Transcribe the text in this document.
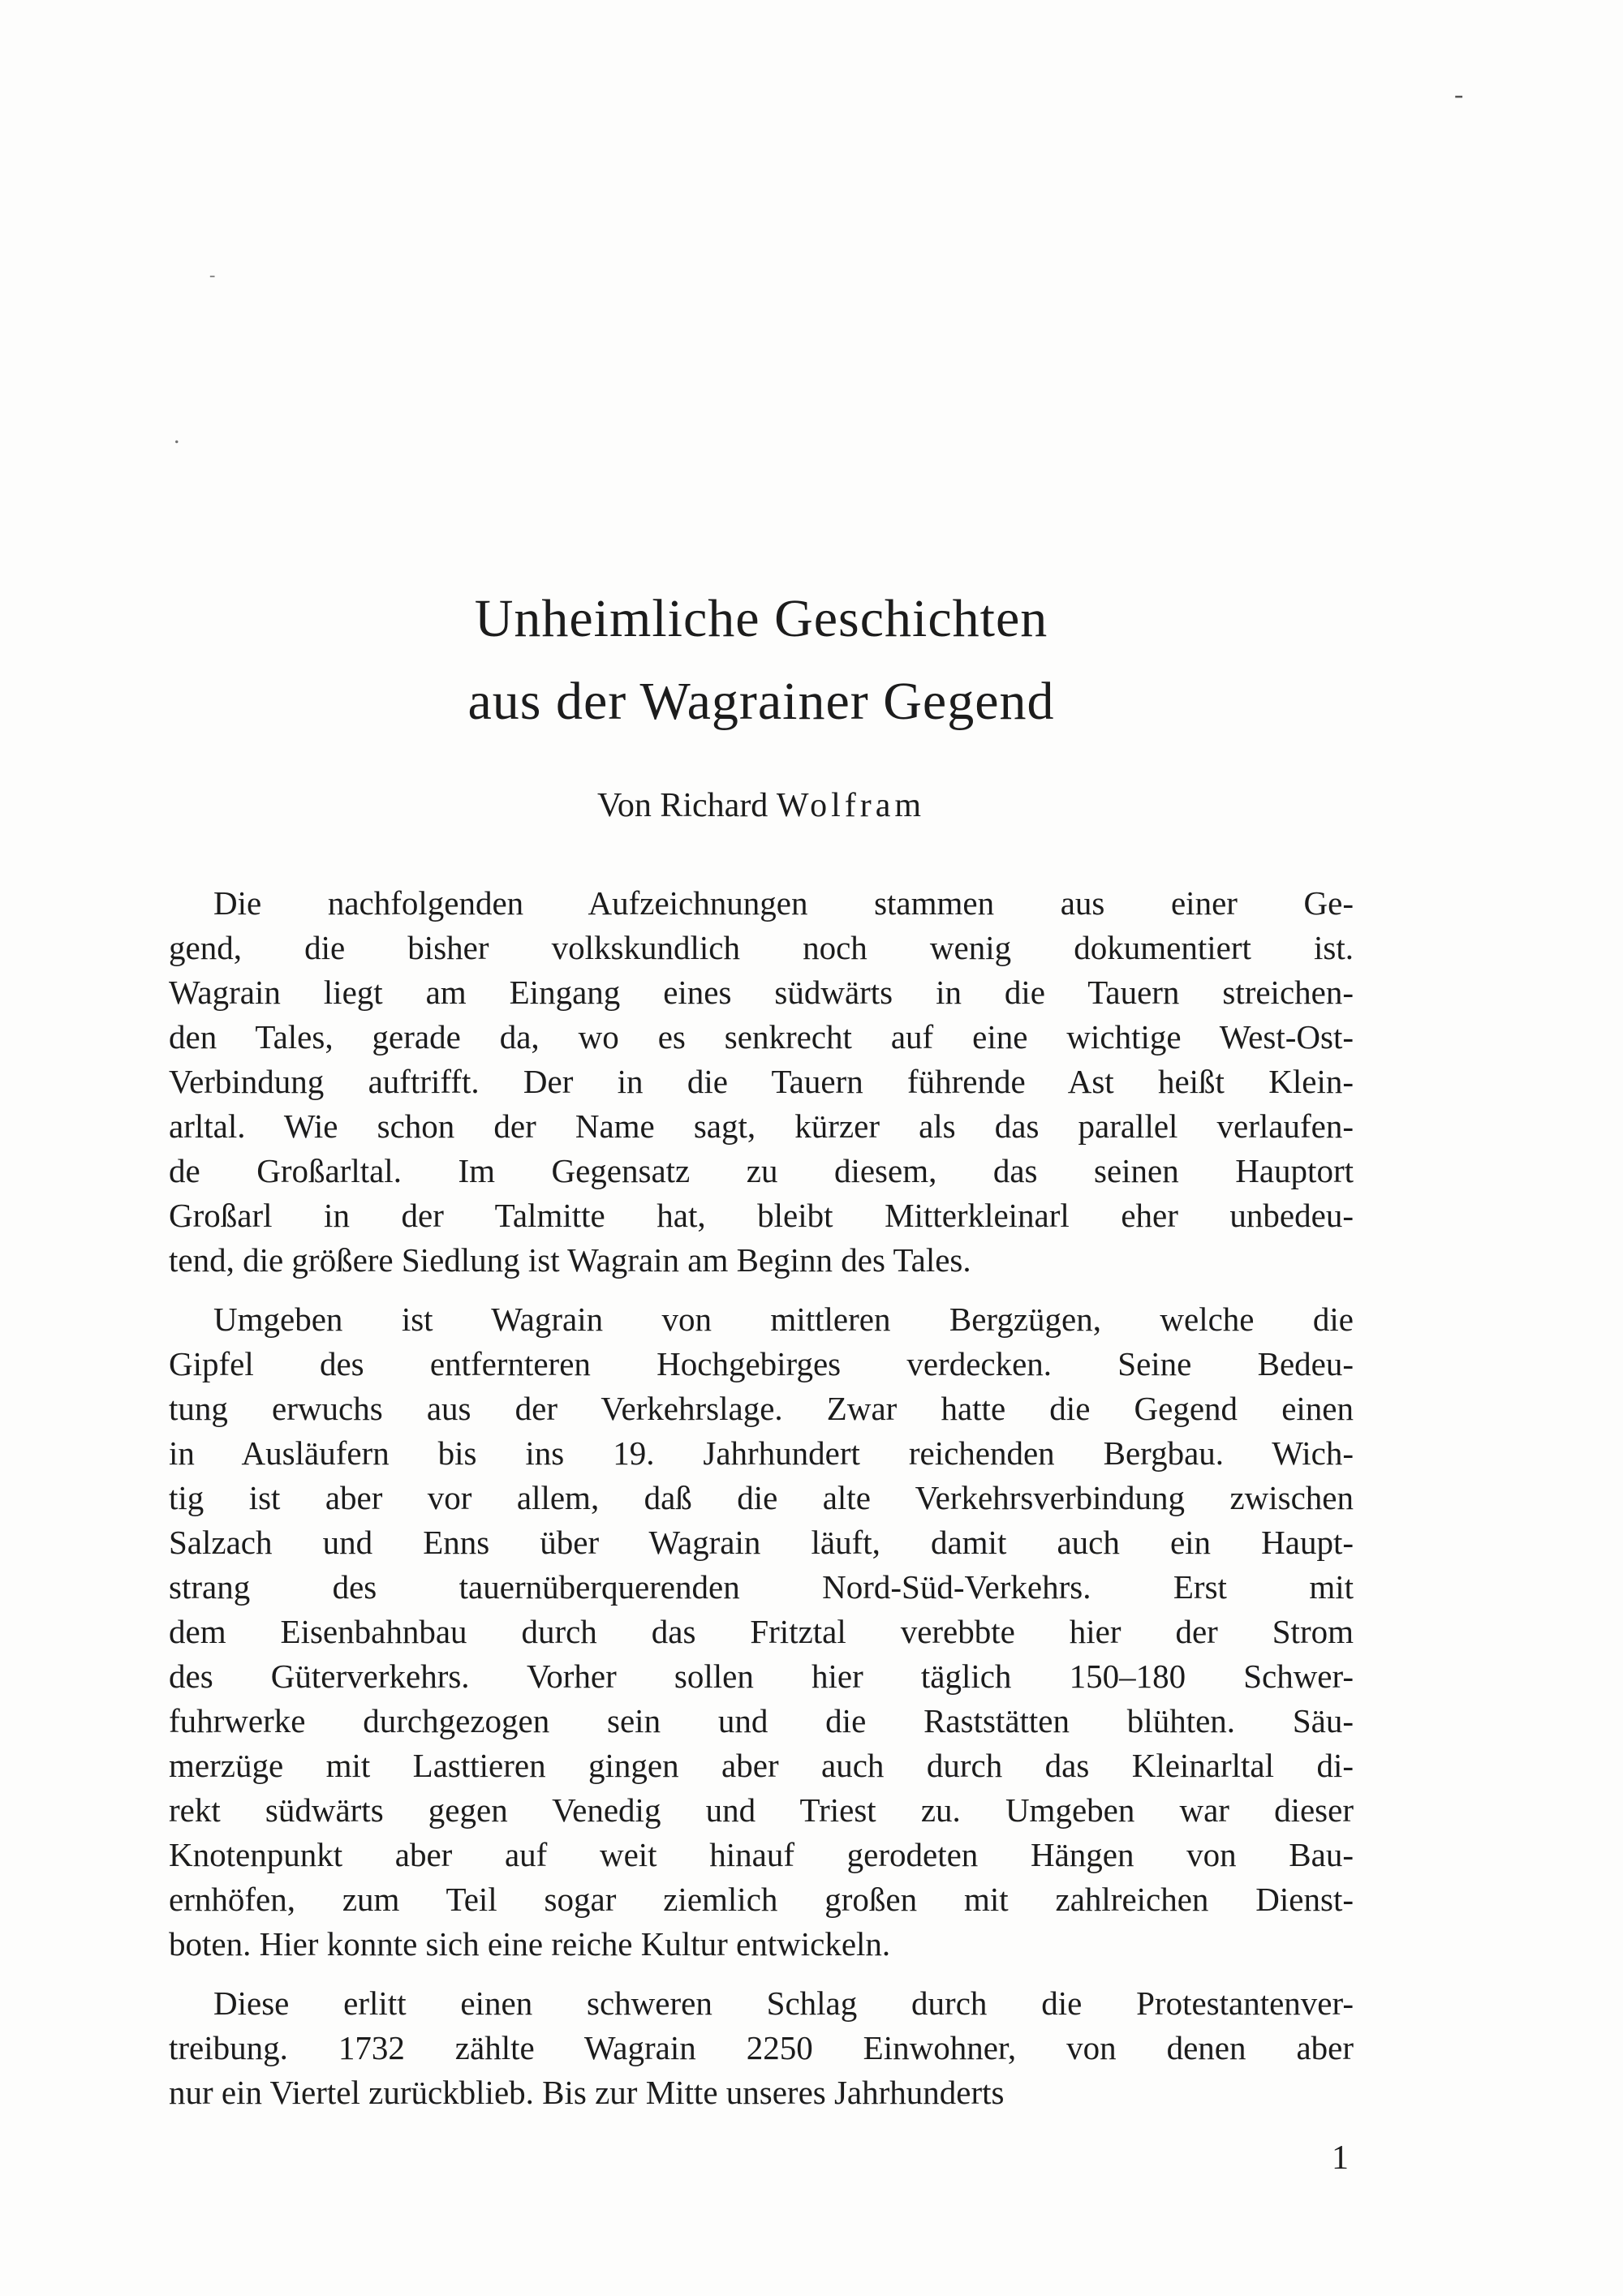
-
-
.
Unheimliche Geschichten
aus der Wagrainer Gegend
Von Richard Wolfram
Die nachfolgenden Aufzeichnungen stammen aus einer Ge-
gend, die bisher volkskundlich noch wenig dokumentiert ist.
Wagrain liegt am Eingang eines südwärts in die Tauern streichen-
den Tales, gerade da, wo es senkrecht auf eine wichtige West-Ost-
Verbindung auftrifft. Der in die Tauern führende Ast heißt Klein-
arltal. Wie schon der Name sagt, kürzer als das parallel verlaufen-
de Großarltal. Im Gegensatz zu diesem, das seinen Hauptort
Großarl in der Talmitte hat, bleibt Mitterkleinarl eher unbedeu-
tend, die größere Siedlung ist Wagrain am Beginn des Tales.
Umgeben ist Wagrain von mittleren Bergzügen, welche die
Gipfel des entfernteren Hochgebirges verdecken. Seine Bedeu-
tung erwuchs aus der Verkehrslage. Zwar hatte die Gegend einen
in Ausläufern bis ins 19. Jahrhundert reichenden Bergbau. Wich-
tig ist aber vor allem, daß die alte Verkehrsverbindung zwischen
Salzach und Enns über Wagrain läuft, damit auch ein Haupt-
strang des tauernüberquerenden Nord-Süd-Verkehrs. Erst mit
dem Eisenbahnbau durch das Fritztal verebbte hier der Strom
des Güterverkehrs. Vorher sollen hier täglich 150–180 Schwer-
fuhrwerke durchgezogen sein und die Raststätten blühten. Säu-
merzüge mit Lasttieren gingen aber auch durch das Kleinarltal di-
rekt südwärts gegen Venedig und Triest zu. Umgeben war dieser
Knotenpunkt aber auf weit hinauf gerodeten Hängen von Bau-
ernhöfen, zum Teil sogar ziemlich großen mit zahlreichen Dienst-
boten. Hier konnte sich eine reiche Kultur entwickeln.
Diese erlitt einen schweren Schlag durch die Protestantenver-
treibung. 1732 zählte Wagrain 2250 Einwohner, von denen aber
nur ein Viertel zurückblieb. Bis zur Mitte unseres Jahrhunderts
1
